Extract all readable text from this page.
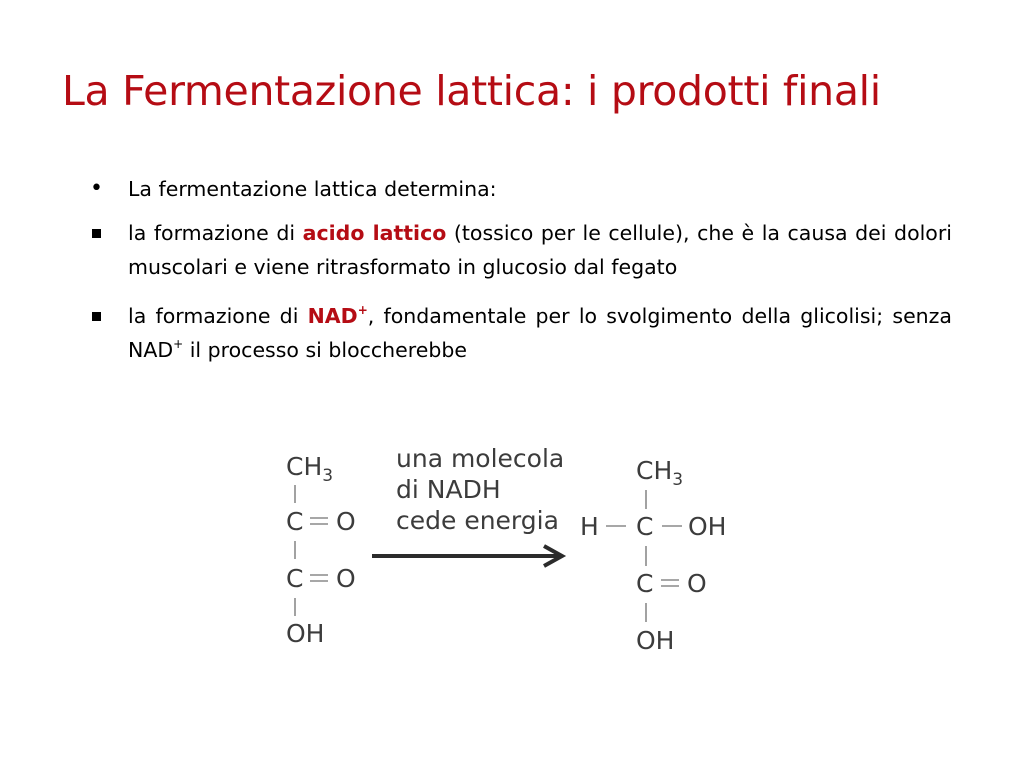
La Fermentazione lattica: i prodotti finali
• La fermentazione lattica determina:
la formazione di acido lattico (tossico per le cellule), che è la causa dei dolori muscolari e viene ritrasformato in glucosio dal fegato
la formazione di NAD+, fondamentale per lo svolgimento della glicolisi; senza NAD+ il processo si bloccherebbe
$CH_3$
C O
C O
OH
una molecola
di NADH
cede energia
$CH_3$
H C OH
C O
OH
